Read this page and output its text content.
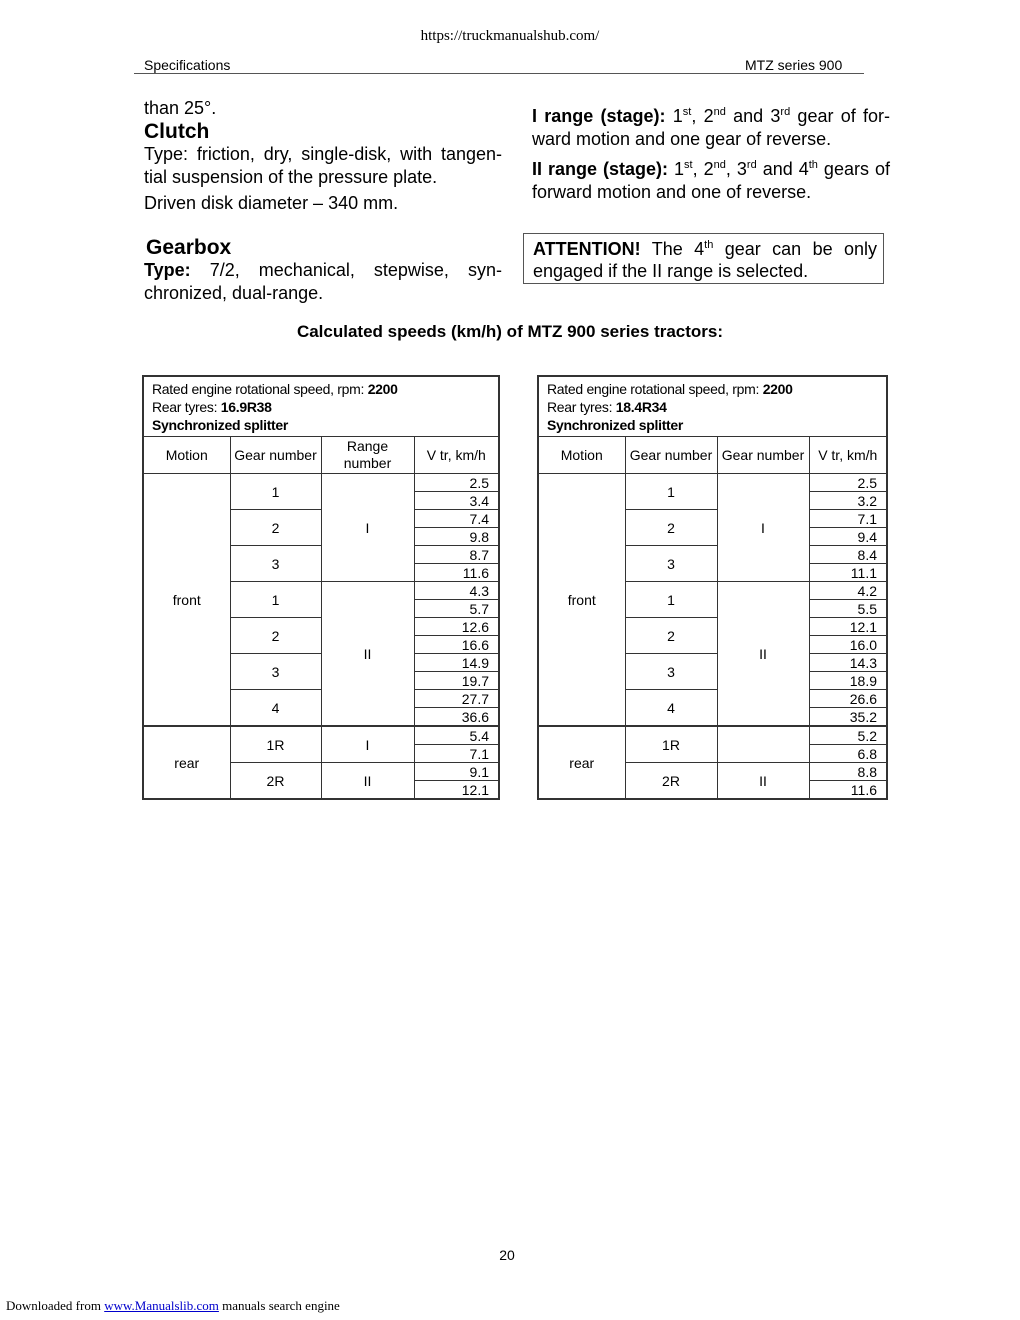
https://truckmanualshub.com/
Specifications	MTZ series 900
than 25°.
Clutch
Type: friction, dry, single-disk, with tangen-tial suspension of the pressure plate.
Driven disk diameter – 340 mm.
Gearbox
Type: 7/2, mechanical, stepwise, syn-chronized, dual-range.
I range (stage): 1st, 2nd and 3rd gear of for-ward motion and one gear of reverse.
II range (stage): 1st, 2nd, 3rd and 4th gears of forward motion and one of reverse.
ATTENTION! The 4th gear can be only engaged if the II range is selected.
Calculated speeds (km/h) of MTZ 900 series tractors:
Rated engine rotational speed, rpm: 2200
Rear tyres: 16.9R38
Synchronized splitter			

Motion	Gear number	Range number	V tr, km/h
front	1	I	2.5
			3.4
	2		7.4
			9.8
	3		8.7
			11.6
	1	II	4.3
			5.7
	2		12.6
			16.6
	3		14.9
			19.7
	4		27.7
			36.6
rear	1R	I	5.4
			7.1
	2R	II	9.1
			12.1
Rated engine rotational speed, rpm: 2200
Rear tyres: 18.4R34
Synchronized splitter			

Motion	Gear number	Gear number	V tr, km/h
front	1	I	2.5
			3.2
	2		7.1
			9.4
	3		8.4
			11.1
	1	II	4.2
			5.5
	2		12.1
			16.0
	3		14.3
			18.9
	4		26.6
			35.2
rear	1R		5.2
			6.8
	2R	II	8.8
			11.6
20
Downloaded from www.Manualslib.com manuals search engine
